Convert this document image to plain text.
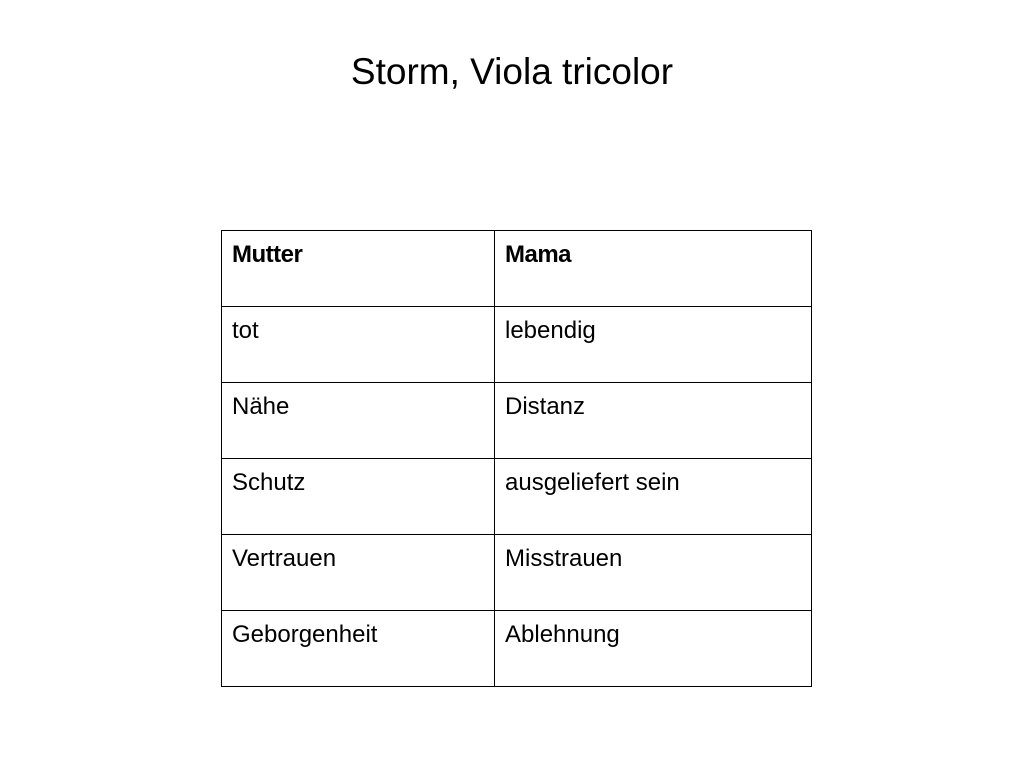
Storm, Viola tricolor
Mutter	Mama
tot	lebendig
Nähe	Distanz
Schutz	ausgeliefert sein
Vertrauen	Misstrauen
Geborgenheit	Ablehnung
